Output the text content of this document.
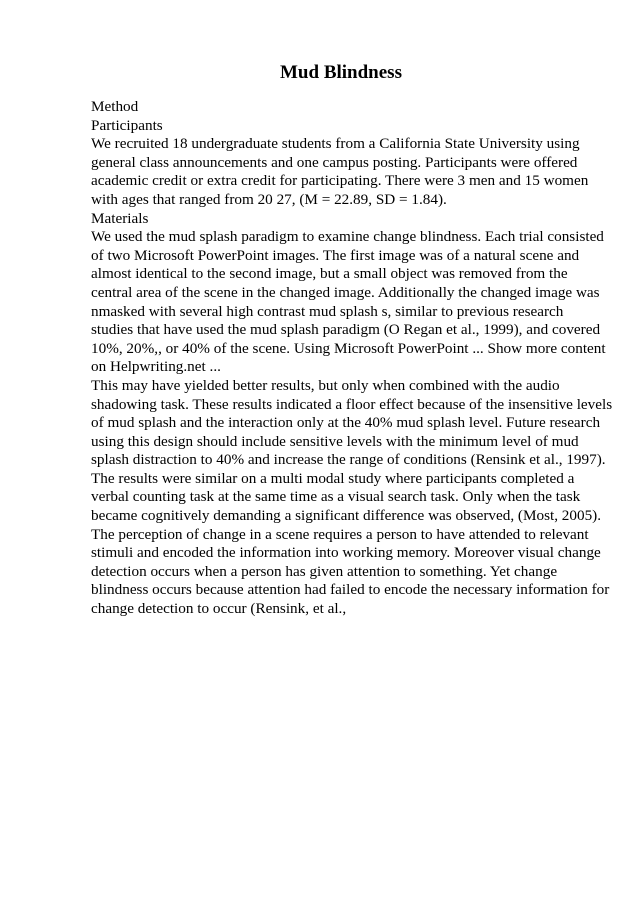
Mud Blindness
Method
Participants
We recruited 18 undergraduate students from a California State University using
general class announcements and one campus posting. Participants were offered
academic credit or extra credit for participating. There were 3 men and 15 women
with ages that ranged from 20 27, (M = 22.89, SD = 1.84).
Materials
We used the mud splash paradigm to examine change blindness. Each trial consisted
of two Microsoft PowerPoint images. The first image was of a natural scene and
almost identical to the second image, but a small object was removed from the
central area of the scene in the changed image. Additionally the changed image was
nmasked with several high contrast mud splash s, similar to previous research
studies that have used the mud splash paradigm (O Regan et al., 1999), and covered
10%, 20%,, or 40% of the scene. Using Microsoft PowerPoint ... Show more content
on Helpwriting.net ...
This may have yielded better results, but only when combined with the audio
shadowing task. These results indicated a floor effect because of the insensitive levels
of mud splash and the interaction only at the 40% mud splash level. Future research
using this design should include sensitive levels with the minimum level of mud
splash distraction to 40% and increase the range of conditions (Rensink et al., 1997).
The results were similar on a multi modal study where participants completed a
verbal counting task at the same time as a visual search task. Only when the task
became cognitively demanding a significant difference was observed, (Most, 2005).
The perception of change in a scene requires a person to have attended to relevant
stimuli and encoded the information into working memory. Moreover visual change
detection occurs when a person has given attention to something. Yet change
blindness occurs because attention had failed to encode the necessary information for
change detection to occur (Rensink, et al.,
